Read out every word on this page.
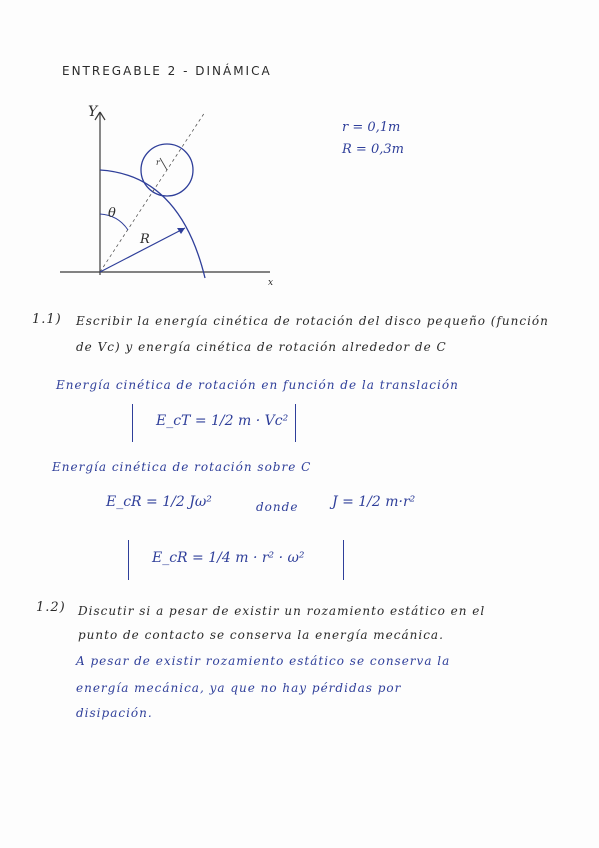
ENTREGABLE 2 - DINÁMICA
Y
x
θ
R
r
r = 0,1m
R = 0,3m
1.1) Escribir la energía cinética de rotación del disco pequeño (función
de Vc) y energía cinética de rotación alrededor de C
Energía cinética de rotación en función de la translación
E_cT = 1/2 m · Vc²
Energía cinética de rotación sobre C
E_cR = 1/2 Jω²	donde J = 1/2 m·r²
E_cR = 1/4 m · r² · ω²
1.2) Discutir si a pesar de existir un rozamiento estático en el
punto de contacto se conserva la energía mecánica.
A pesar de existir rozamiento estático se conserva la
energía mecánica, ya que no hay pérdidas por
disipación.
